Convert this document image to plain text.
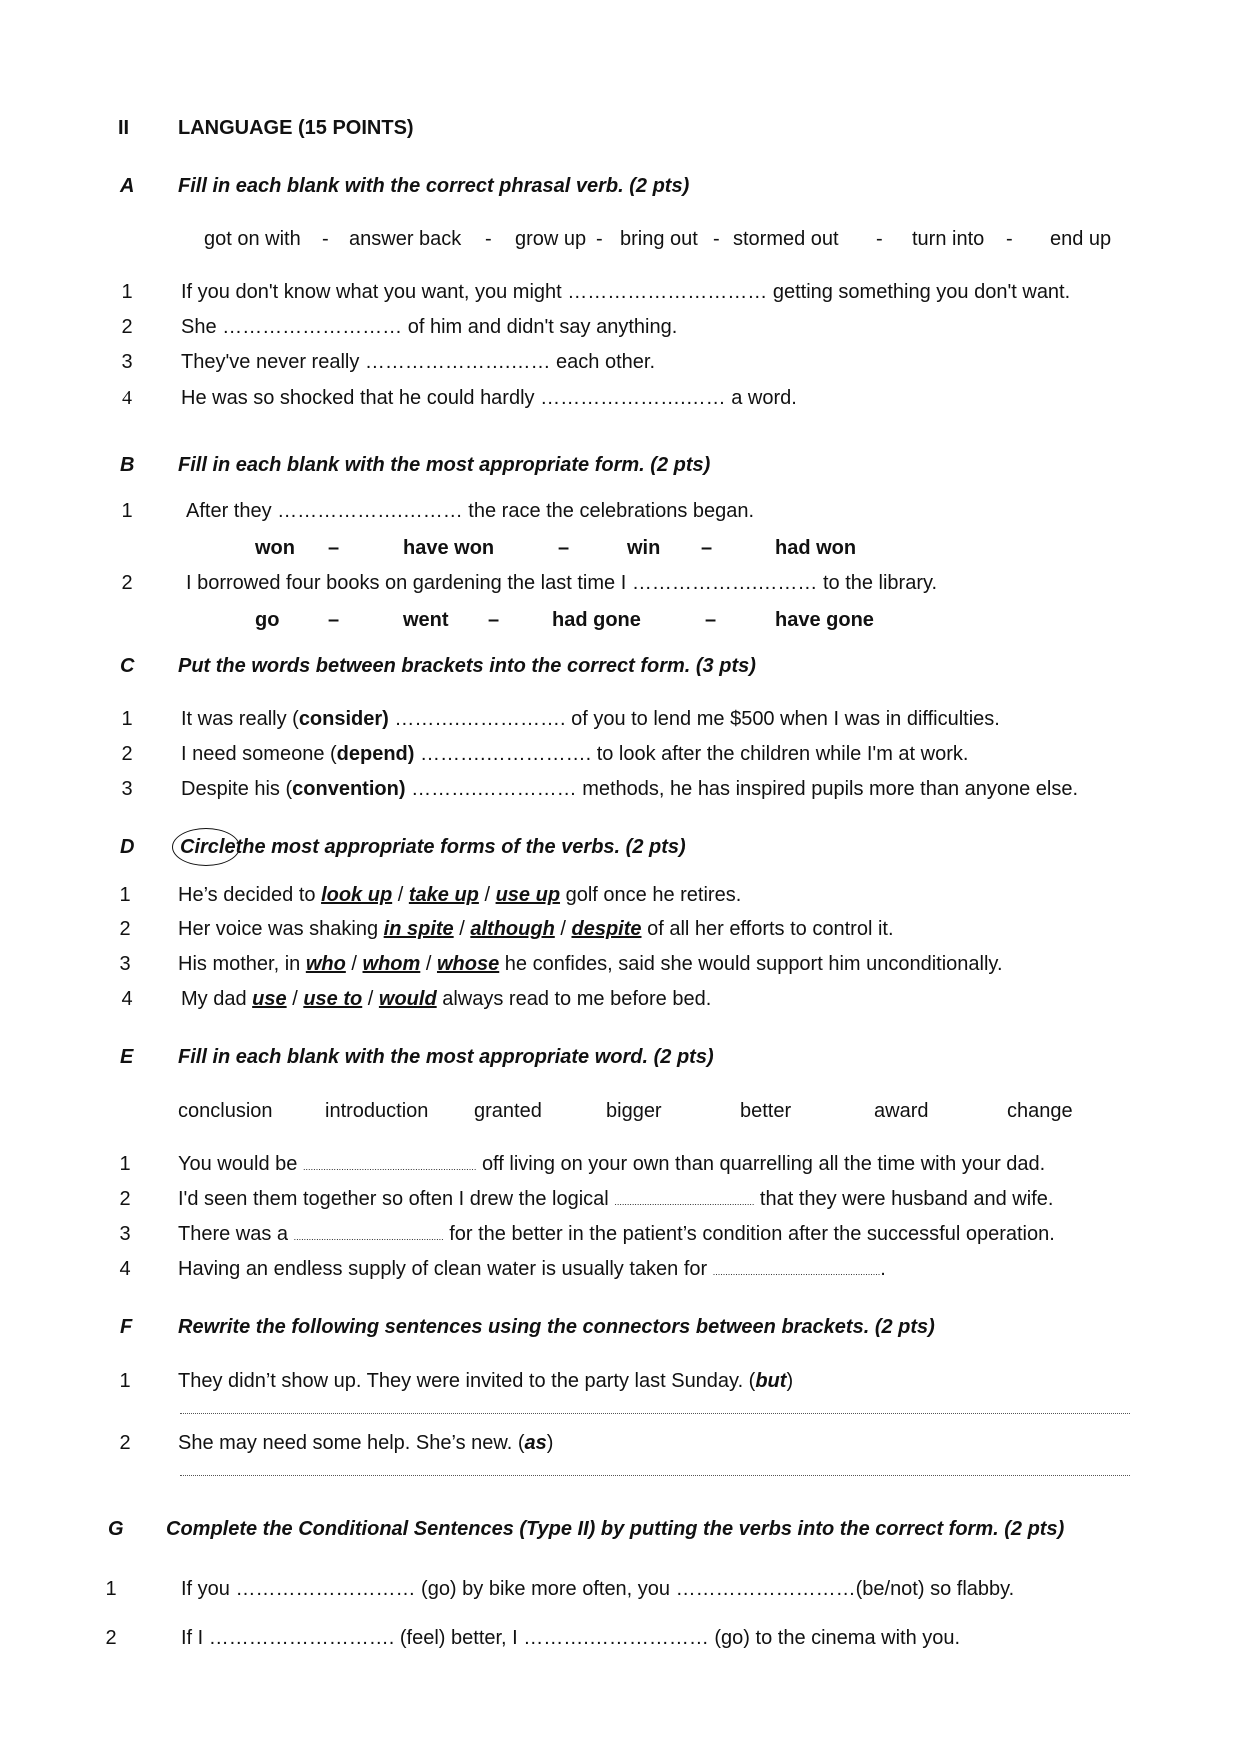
II LANGUAGE (15 POINTS)
A Fill in each blank with the correct phrasal verb. (2 pts)
got on with - answer back - grow up - bring out - stormed out - turn into - end up
1	If you don't know what you want, you might ………………………… getting something you don't want.
2	She ……………………… of him and didn't say anything.
3	They've never really ………………….…… each other.
4	He was so shocked that he could hardly ………………….…… a word.
B Fill in each blank with the most appropriate form. (2 pts)
1	After they ……………….……… the race the celebrations began.
won –	have won	–	win –	had won
2	I borrowed four books on gardening the last time I ……………….……… to the library.
go –	went –	had gone	–	have gone
C Put the words between brackets into the correct form. (3 pts)
1	It was really (consider) ……….……………. of you to lend me $500 when I was in difficulties.
2	I need someone (depend) ……….……………. to look after the children while I'm at work.
3	Despite his (convention) ……….…………… methods, he has inspired pupils more than anyone else.
D Circlethe most appropriate forms of the verbs. (2 pts)
1	He’s decided to look up / take up / use up golf once he retires.
2	Her voice was shaking in spite / although / despite of all her efforts to control it.
3	His mother, in who / whom / whose he confides, said she would support him unconditionally.
4	My dad use / use to / would always read to me before bed.
E Fill in each blank with the most appropriate word. (2 pts)
conclusion	introduction granted	bigger	better	award	change
1	You would be .................................................................... off living on your own than quarrelling all the time with your dad.
2	I'd seen them together so often I drew the logical ........................................................ that they were husband and wife.
3	There was a ............................................................ for the better in the patient’s condition after the successful operation.
4	Having an endless supply of clean water is usually taken for ....................................................................
F Rewrite the following sentences using the connectors between brackets. (2 pts)
1	They didn’t show up. They were invited to the party last Sunday. (but)
2	She may need some help. She’s new. (as)
G Complete the Conditional Sentences (Type II) by putting the verbs into the correct form. (2 pts)
1	If you ……………………… (go) by bike more often, you ………………………(be/not) so flabby.
2	If I ………………………. (feel) better, I ……….……………… (go) to the cinema with you.
